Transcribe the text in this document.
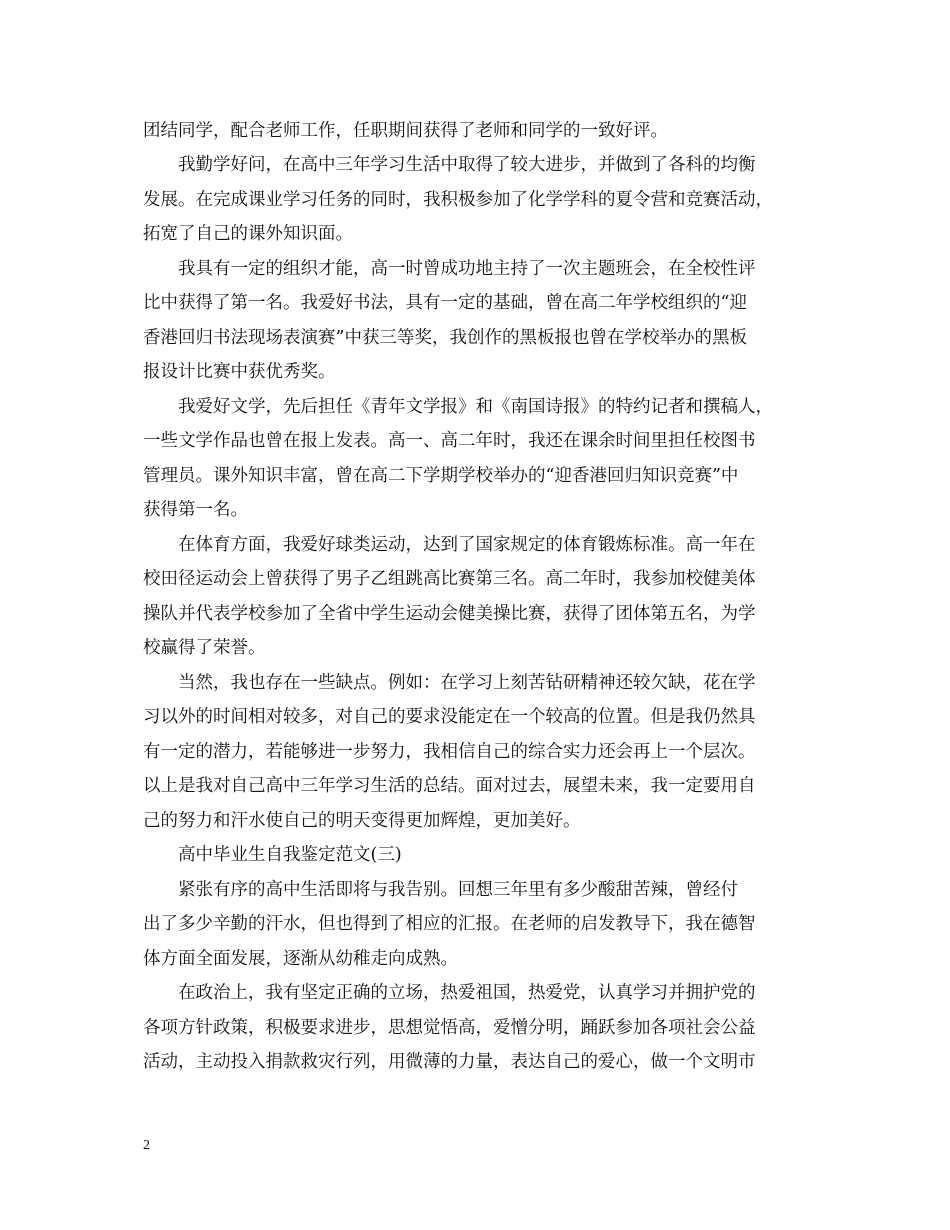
团结同学，配合老师工作，任职期间获得了老师和同学的一致好评。
我勤学好问，在高中三年学习生活中取得了较大进步，并做到了各科的均衡
发展。在完成课业学习任务的同时，我积极参加了化学学科的夏令营和竞赛活动，
拓宽了自己的课外知识面。
我具有一定的组织才能，高一时曾成功地主持了一次主题班会，在全校性评
比中获得了第一名。我爱好书法，具有一定的基础，曾在高二年学校组织的“迎
香港回归书法现场表演赛”中获三等奖，我创作的黑板报也曾在学校举办的黑板
报设计比赛中获优秀奖。
我爱好文学，先后担任《青年文学报》和《南国诗报》的特约记者和撰稿人，
一些文学作品也曾在报上发表。高一、高二年时，我还在课余时间里担任校图书
管理员。课外知识丰富，曾在高二下学期学校举办的“迎香港回归知识竞赛”中
获得第一名。
在体育方面，我爱好球类运动，达到了国家规定的体育锻炼标准。高一年在
校田径运动会上曾获得了男子乙组跳高比赛第三名。高二年时，我参加校健美体
操队并代表学校参加了全省中学生运动会健美操比赛，获得了团体第五名，为学
校赢得了荣誉。
当然，我也存在一些缺点。例如：在学习上刻苦钻研精神还较欠缺，花在学
习以外的时间相对较多，对自己的要求没能定在一个较高的位置。但是我仍然具
有一定的潜力，若能够进一步努力，我相信自己的综合实力还会再上一个层次。
以上是我对自己高中三年学习生活的总结。面对过去，展望未来，我一定要用自
己的努力和汗水使自己的明天变得更加辉煌，更加美好。
高中毕业生自我鉴定范文(三)
紧张有序的高中生活即将与我告别。回想三年里有多少酸甜苦辣，曾经付
出了多少辛勤的汗水，但也得到了相应的汇报。在老师的启发教导下，我在德智
体方面全面发展，逐渐从幼稚走向成熟。
在政治上，我有坚定正确的立场，热爱祖国，热爱党，认真学习并拥护党的
各项方针政策，积极要求进步，思想觉悟高，爱憎分明，踊跃参加各项社会公益
活动，主动投入捐款救灾行列，用微薄的力量，表达自己的爱心，做一个文明市
2
